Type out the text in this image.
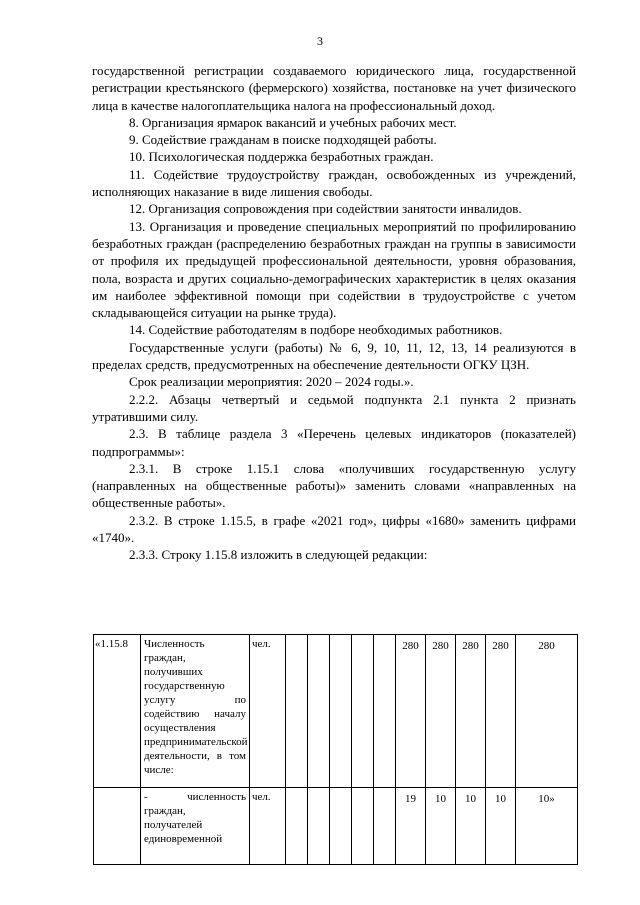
3

государственной регистрации создаваемого юридического лица, государственной регистрации крестьянского (фермерского) хозяйства, постановке на учет физического лица в качестве налогоплательщика налога на профессиональный доход.

8. Организация ярмарок вакансий и учебных рабочих мест.

9. Содействие гражданам в поиске подходящей работы.

10. Психологическая поддержка безработных граждан.

11. Содействие трудоустройству граждан, освобожденных из учреждений, исполняющих наказание в виде лишения свободы.

12. Организация сопровождения при содействии занятости инвалидов.

13. Организация и проведение специальных мероприятий по профилированию безработных граждан (распределению безработных граждан на группы в зависимости от профиля их предыдущей профессиональной деятельности, уровня образования, пола, возраста и других социально-демографических характеристик в целях оказания им наиболее эффективной помощи при содействии в трудоустройстве с учетом складывающейся ситуации на рынке труда).

14. Содействие работодателям в подборе необходимых работников.

Государственные услуги (работы) № 6, 9, 10, 11, 12, 13, 14 реализуются в пределах средств, предусмотренных на обеспечение деятельности ОГКУ ЦЗН.

Срок реализации мероприятия: 2020 – 2024 годы.».

2.2.2. Абзацы четвертый и седьмой подпункта 2.1 пункта 2 признать утратившими силу.

2.3. В таблице раздела 3 «Перечень целевых индикаторов (показателей) подпрограммы»:

2.3.1. В строке 1.15.1 слова «получивших государственную услугу (направленных на общественные работы)» заменить словами «направленных на общественные работы».

2.3.2. В строке 1.15.5, в графе «2021 год», цифры «1680» заменить цифрами «1740».

2.3.3. Строку 1.15.8 изложить в следующей редакции:

«1.15.8	Численность граждан, получивших государственную услугу по содействию началу осуществления предпринимательской деятельности, в том числе:	чел.						280	280	280	280	280
	- численность граждан, получателей единовременной	чел.						19	10	10	10	10»
